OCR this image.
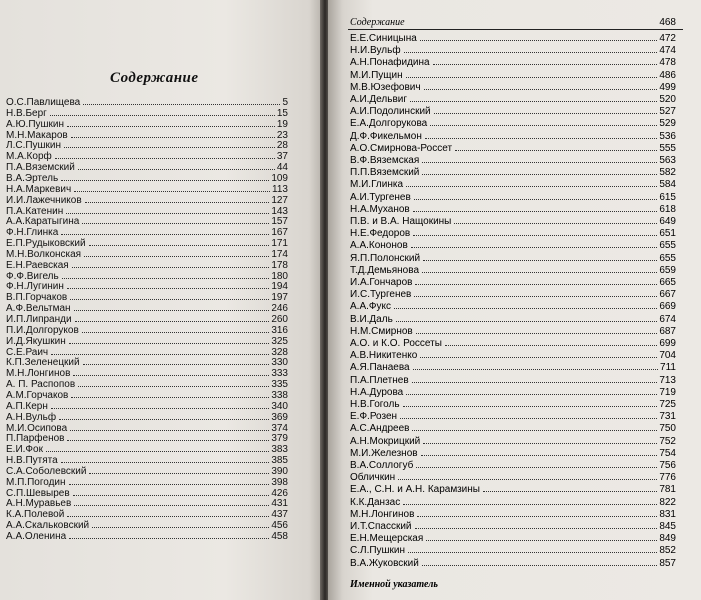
Содержание
О.С.Павлищева	5
Н.В.Берг	15
А.Ю.Пушкин	19
М.Н.Макаров	23
Л.С.Пушкин	28
М.А.Корф	37
П.А.Вяземский	44
В.А.Эртель	109
Н.А.Маркевич	113
И.И.Лажечников	127
П.А.Катенин	143
А.А.Каратыгина	157
Ф.Н.Глинка	167
Е.П.Рудыковский	171
М.Н.Волконская	174
Е.Н.Раевская	178
Ф.Ф.Вигель	180
Ф.Н.Лугинин	194
В.П.Горчаков	197
А.Ф.Вельтман	246
И.П.Липранди	260
П.И.Долгоруков	316
И.Д.Якушкин	325
С.Е.Раич	328
К.П.Зеленецкий	330
М.Н.Лонгинов	333
А. П. Распопов	335
А.М.Горчаков	338
А.П.Керн	340
А.Н.Вульф	369
М.И.Осипова	374
П.Парфенов	379
Е.И.Фок	383
Н.В.Путята	385
С.А.Соболевский	390
М.П.Погодин	398
С.П.Шевырев	426
А.Н.Муравьев	431
К.А.Полевой	437
А.А.Скальковский	456
А.А.Оленина	458
Содержание	468
Е.Е.Синицына	472
Н.И.Вульф	474
А.Н.Понафидина	478
М.И.Пущин	486
М.В.Юзефович	499
А.И.Дельвиг	520
А.И.Подолинский	527
Е.А.Долгорукова	529
Д.Ф.Фикельмон	536
А.О.Смирнова-Россет	555
В.Ф.Вяземская	563
П.П.Вяземский	582
М.И.Глинка	584
А.И.Тургенев	615
Н.А.Муханов	618
П.В. и В.А. Нащокины	649
Н.Е.Федоров	651
А.А.Кононов	655
Я.П.Полонский	655
Т.Д.Демьянова	659
И.А.Гончаров	665
И.С.Тургенев	667
А.А.Фукс	669
В.И.Даль	674
Н.М.Смирнов	687
А.О. и К.О. Россеты	699
А.В.Никитенко	704
А.Я.Панаева	711
П.А.Плетнев	713
Н.А.Дурова	719
Н.В.Гоголь	725
Е.Ф.Розен	731
А.С.Андреев	750
А.Н.Мокрицкий	752
М.И.Железнов	754
В.А.Соллогуб	756
Обличкин	776
Е.А., С.Н. и А.Н. Карамзины	781
К.К.Данзас	822
М.Н.Лонгинов	831
И.Т.Спасский	845
Е.Н.Мещерская	849
С.Л.Пушкин	852
В.А.Жуковский	857
Именной указатель
